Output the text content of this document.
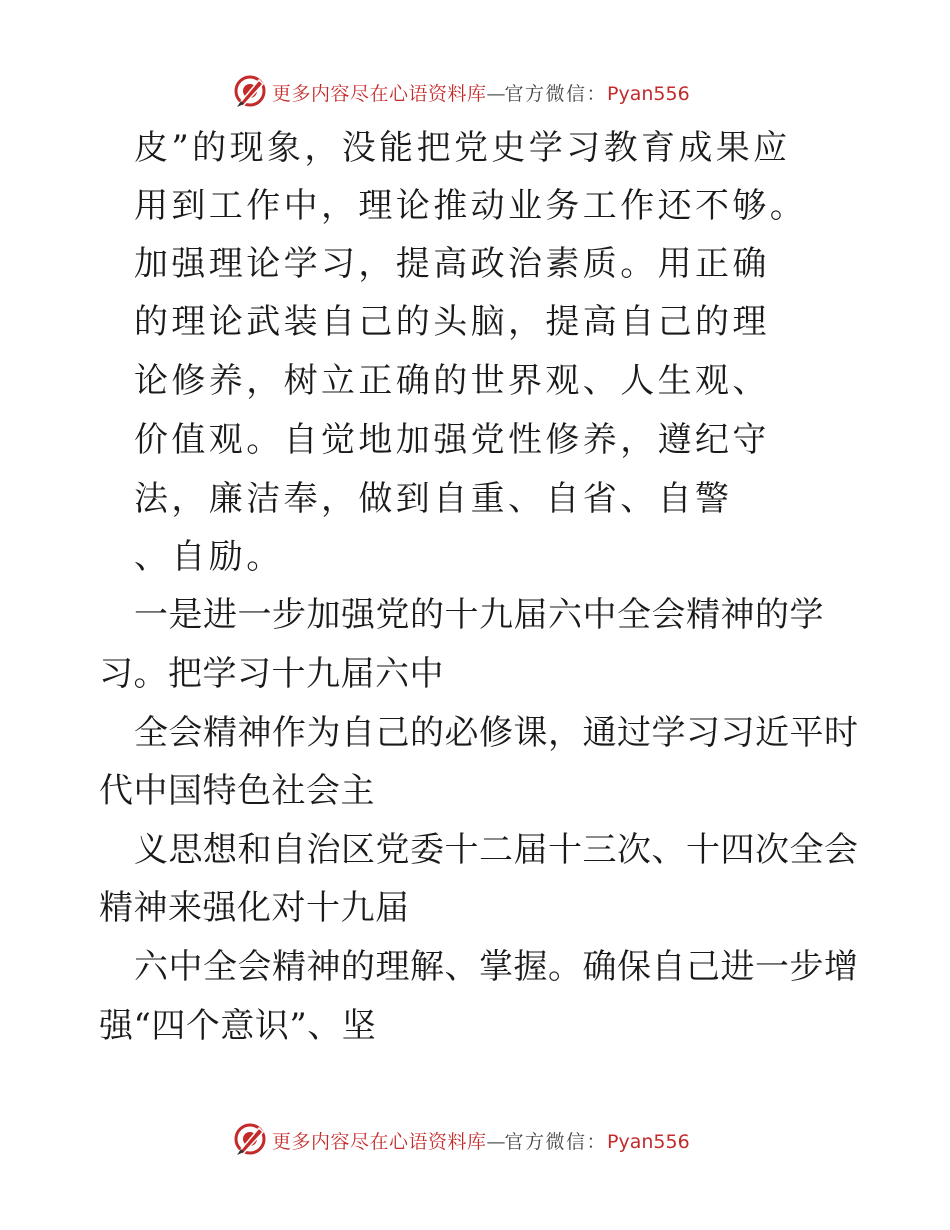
更多内容尽在心语资料库—官方微信：Pyan556
皮”的现象，没能把党史学习教育成果应
用到工作中，理论推动业务工作还不够。
加强理论学习，提高政治素质。用正确
的理论武装自己的头脑，提高自己的理
论修养，树立正确的世界观、人生观、
价值观。自觉地加强党性修养，遵纪守
法，廉洁奉，做到自重、自省、自警
、自励。
一是进一步加强党的十九届六中全会精神的学
习。把学习十九届六中
全会精神作为自己的必修课，通过学习习近平时
代中国特色社会主
义思想和自治区党委十二届十三次、十四次全会
精神来强化对十九届
六中全会精神的理解、掌握。确保自己进一步增
强“四个意识”、坚
更多内容尽在心语资料库—官方微信：Pyan556
